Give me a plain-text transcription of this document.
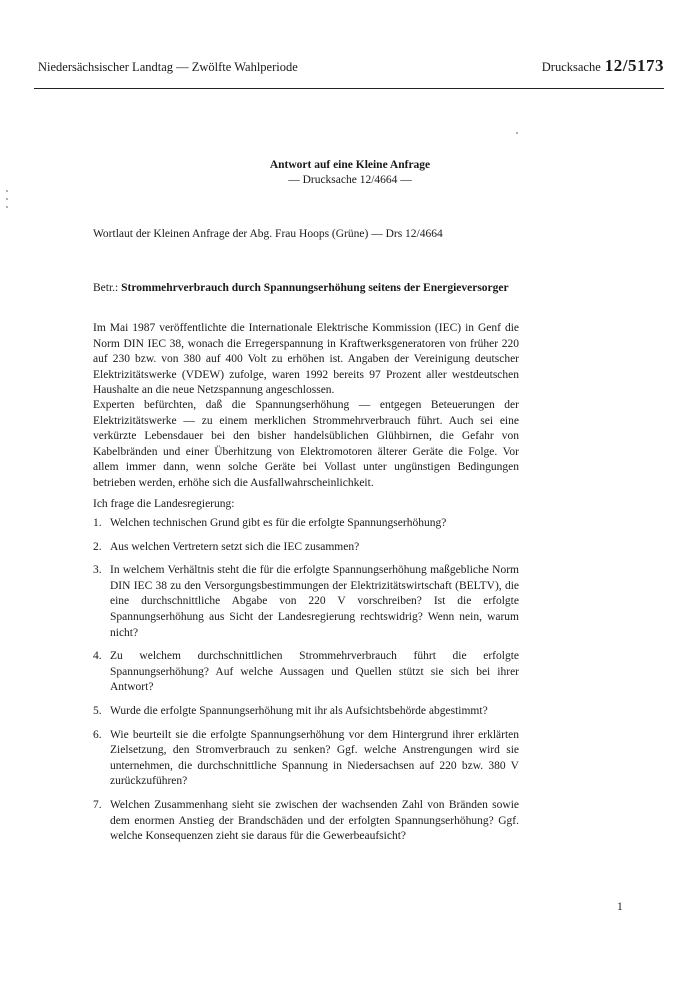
Niedersächsischer Landtag — Zwölfte Wahlperiode	Drucksache 12/5173
Antwort auf eine Kleine Anfrage
— Drucksache 12/4664 —
Wortlaut der Kleinen Anfrage der Abg. Frau Hoops (Grüne) — Drs 12/4664
Betr.: Strommehrverbrauch durch Spannungserhöhung seitens der Energieversorger
Im Mai 1987 veröffentlichte die Internationale Elektrische Kommission (IEC) in Genf die Norm DIN IEC 38, wonach die Erregerspannung in Kraftwerksgeneratoren von früher 220 auf 230 bzw. von 380 auf 400 Volt zu erhöhen ist. Angaben der Vereinigung deutscher Elektrizitätswerke (VDEW) zufolge, waren 1992 bereits 97 Prozent aller westdeutschen Haushalte an die neue Netzspannung angeschlossen.
Experten befürchten, daß die Spannungserhöhung — entgegen Beteuerungen der Elektrizitätswerke — zu einem merklichen Strommehrverbrauch führt. Auch sei eine verkürzte Lebensdauer bei den bisher handelsüblichen Glühbirnen, die Gefahr von Kabelbränden und einer Überhitzung von Elektromotoren älterer Geräte die Folge. Vor allem immer dann, wenn solche Geräte bei Vollast unter ungünstigen Bedingungen betrieben werden, erhöhe sich die Ausfallwahrscheinlichkeit.
Ich frage die Landesregierung:
1. Welchen technischen Grund gibt es für die erfolgte Spannungserhöhung?
2. Aus welchen Vertretern setzt sich die IEC zusammen?
3. In welchem Verhältnis steht die für die erfolgte Spannungserhöhung maßgebliche Norm DIN IEC 38 zu den Versorgungsbestimmungen der Elektrizitätswirtschaft (BELTV), die eine durchschnittliche Abgabe von 220 V vorschreiben? Ist die erfolgte Spannungserhöhung aus Sicht der Landesregierung rechtswidrig? Wenn nein, warum nicht?
4. Zu welchem durchschnittlichen Strommehrverbrauch führt die erfolgte Spannungserhöhung? Auf welche Aussagen und Quellen stützt sie sich bei ihrer Antwort?
5. Wurde die erfolgte Spannungserhöhung mit ihr als Aufsichtsbehörde abgestimmt?
6. Wie beurteilt sie die erfolgte Spannungserhöhung vor dem Hintergrund ihrer erklärten Zielsetzung, den Stromverbrauch zu senken? Ggf. welche Anstrengungen wird sie unternehmen, die durchschnittliche Spannung in Niedersachsen auf 220 bzw. 380 V zurückzuführen?
7. Welchen Zusammenhang sieht sie zwischen der wachsenden Zahl von Bränden sowie dem enormen Anstieg der Brandschäden und der erfolgten Spannungserhöhung? Ggf. welche Konsequenzen zieht sie daraus für die Gewerbeaufsicht?
1
